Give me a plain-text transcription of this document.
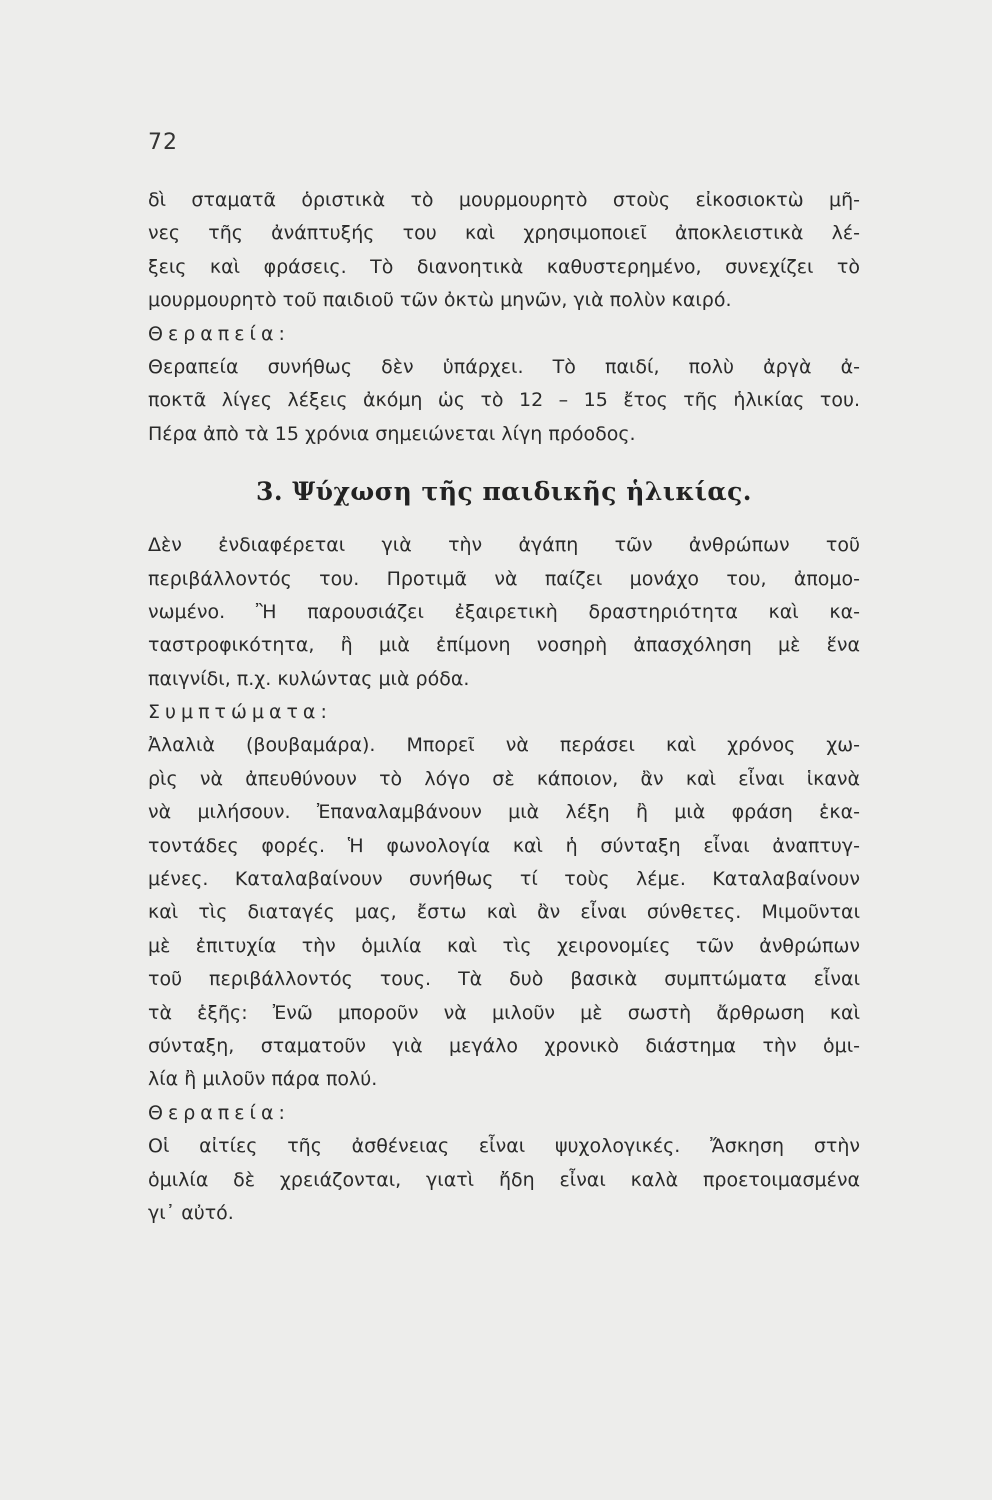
72
δὶ σταματᾶ ὁριστικὰ τὸ μουρμουρητὸ στοὺς εἰκοσιοκτὼ μῆ-
νες τῆς ἀνάπτυξής του καὶ χρησιμοποιεῖ ἀποκλειστικὰ λέ-
ξεις καὶ φράσεις. Τὸ διανοητικὰ καθυστερημένο, συνεχίζει τὸ
μουρμουρητὸ τοῦ παιδιοῦ τῶν ὀκτὼ μηνῶν, γιὰ πολὺν καιρό.
Θεραπεία:
Θεραπεία συνήθως δὲν ὑπάρχει. Τὸ παιδί, πολὺ ἀργὰ ἀ-
ποκτᾶ λίγες λέξεις ἀκόμη ὡς τὸ 12 – 15 ἔτος τῆς ἡλικίας του.
Πέρα ἀπὸ τὰ 15 χρόνια σημειώνεται λίγη πρόοδος.
3. Ψύχωση τῆς παιδικῆς ἡλικίας.
Δὲν ἐνδιαφέρεται γιὰ τὴν ἀγάπη τῶν ἀνθρώπων τοῦ
περιβάλλοντός του. Προτιμᾶ νὰ παίζει μονάχο του, ἀπομο-
νωμένο. Ἢ παρουσιάζει ἐξαιρετικὴ δραστηριότητα καὶ κα-
ταστροφικότητα, ἢ μιὰ ἐπίμονη νοσηρὴ ἀπασχόληση μὲ ἕνα
παιγνίδι, π.χ. κυλώντας μιὰ ρόδα.
Συμπτώματα:
Ἀλαλιὰ (βουβαμάρα). Μπορεῖ νὰ περάσει καὶ χρόνος χω-
ρὶς νὰ ἀπευθύνουν τὸ λόγο σὲ κάποιον, ἂν καὶ εἶναι ἱκανὰ
νὰ μιλήσουν. Ἐπαναλαμβάνουν μιὰ λέξη ἢ μιὰ φράση ἑκα-
τοντάδες φορές. Ἡ φωνολογία καὶ ἡ σύνταξη εἶναι ἀναπτυγ-
μένες. Καταλαβαίνουν συνήθως τί τοὺς λέμε. Καταλαβαίνουν
καὶ τὶς διαταγές μας, ἔστω καὶ ἂν εἶναι σύνθετες. Μιμοῦνται
μὲ ἐπιτυχία τὴν ὁμιλία καὶ τὶς χειρονομίες τῶν ἀνθρώπων
τοῦ περιβάλλοντός τους. Τὰ δυὸ βασικὰ συμπτώματα εἶναι
τὰ ἑξῆς: Ἐνῶ μποροῦν νὰ μιλοῦν μὲ σωστὴ ἄρθρωση καὶ
σύνταξη, σταματοῦν γιὰ μεγάλο χρονικὸ διάστημα τὴν ὁμι-
λία ἢ μιλοῦν πάρα πολύ.
Θεραπεία:
Οἱ αἰτίες τῆς ἀσθένειας εἶναι ψυχολογικές. Ἄσκηση στὴν
ὁμιλία δὲ χρειάζονται, γιατὶ ἤδη εἶναι καλὰ προετοιμασμένα
γι᾽ αὐτό.
